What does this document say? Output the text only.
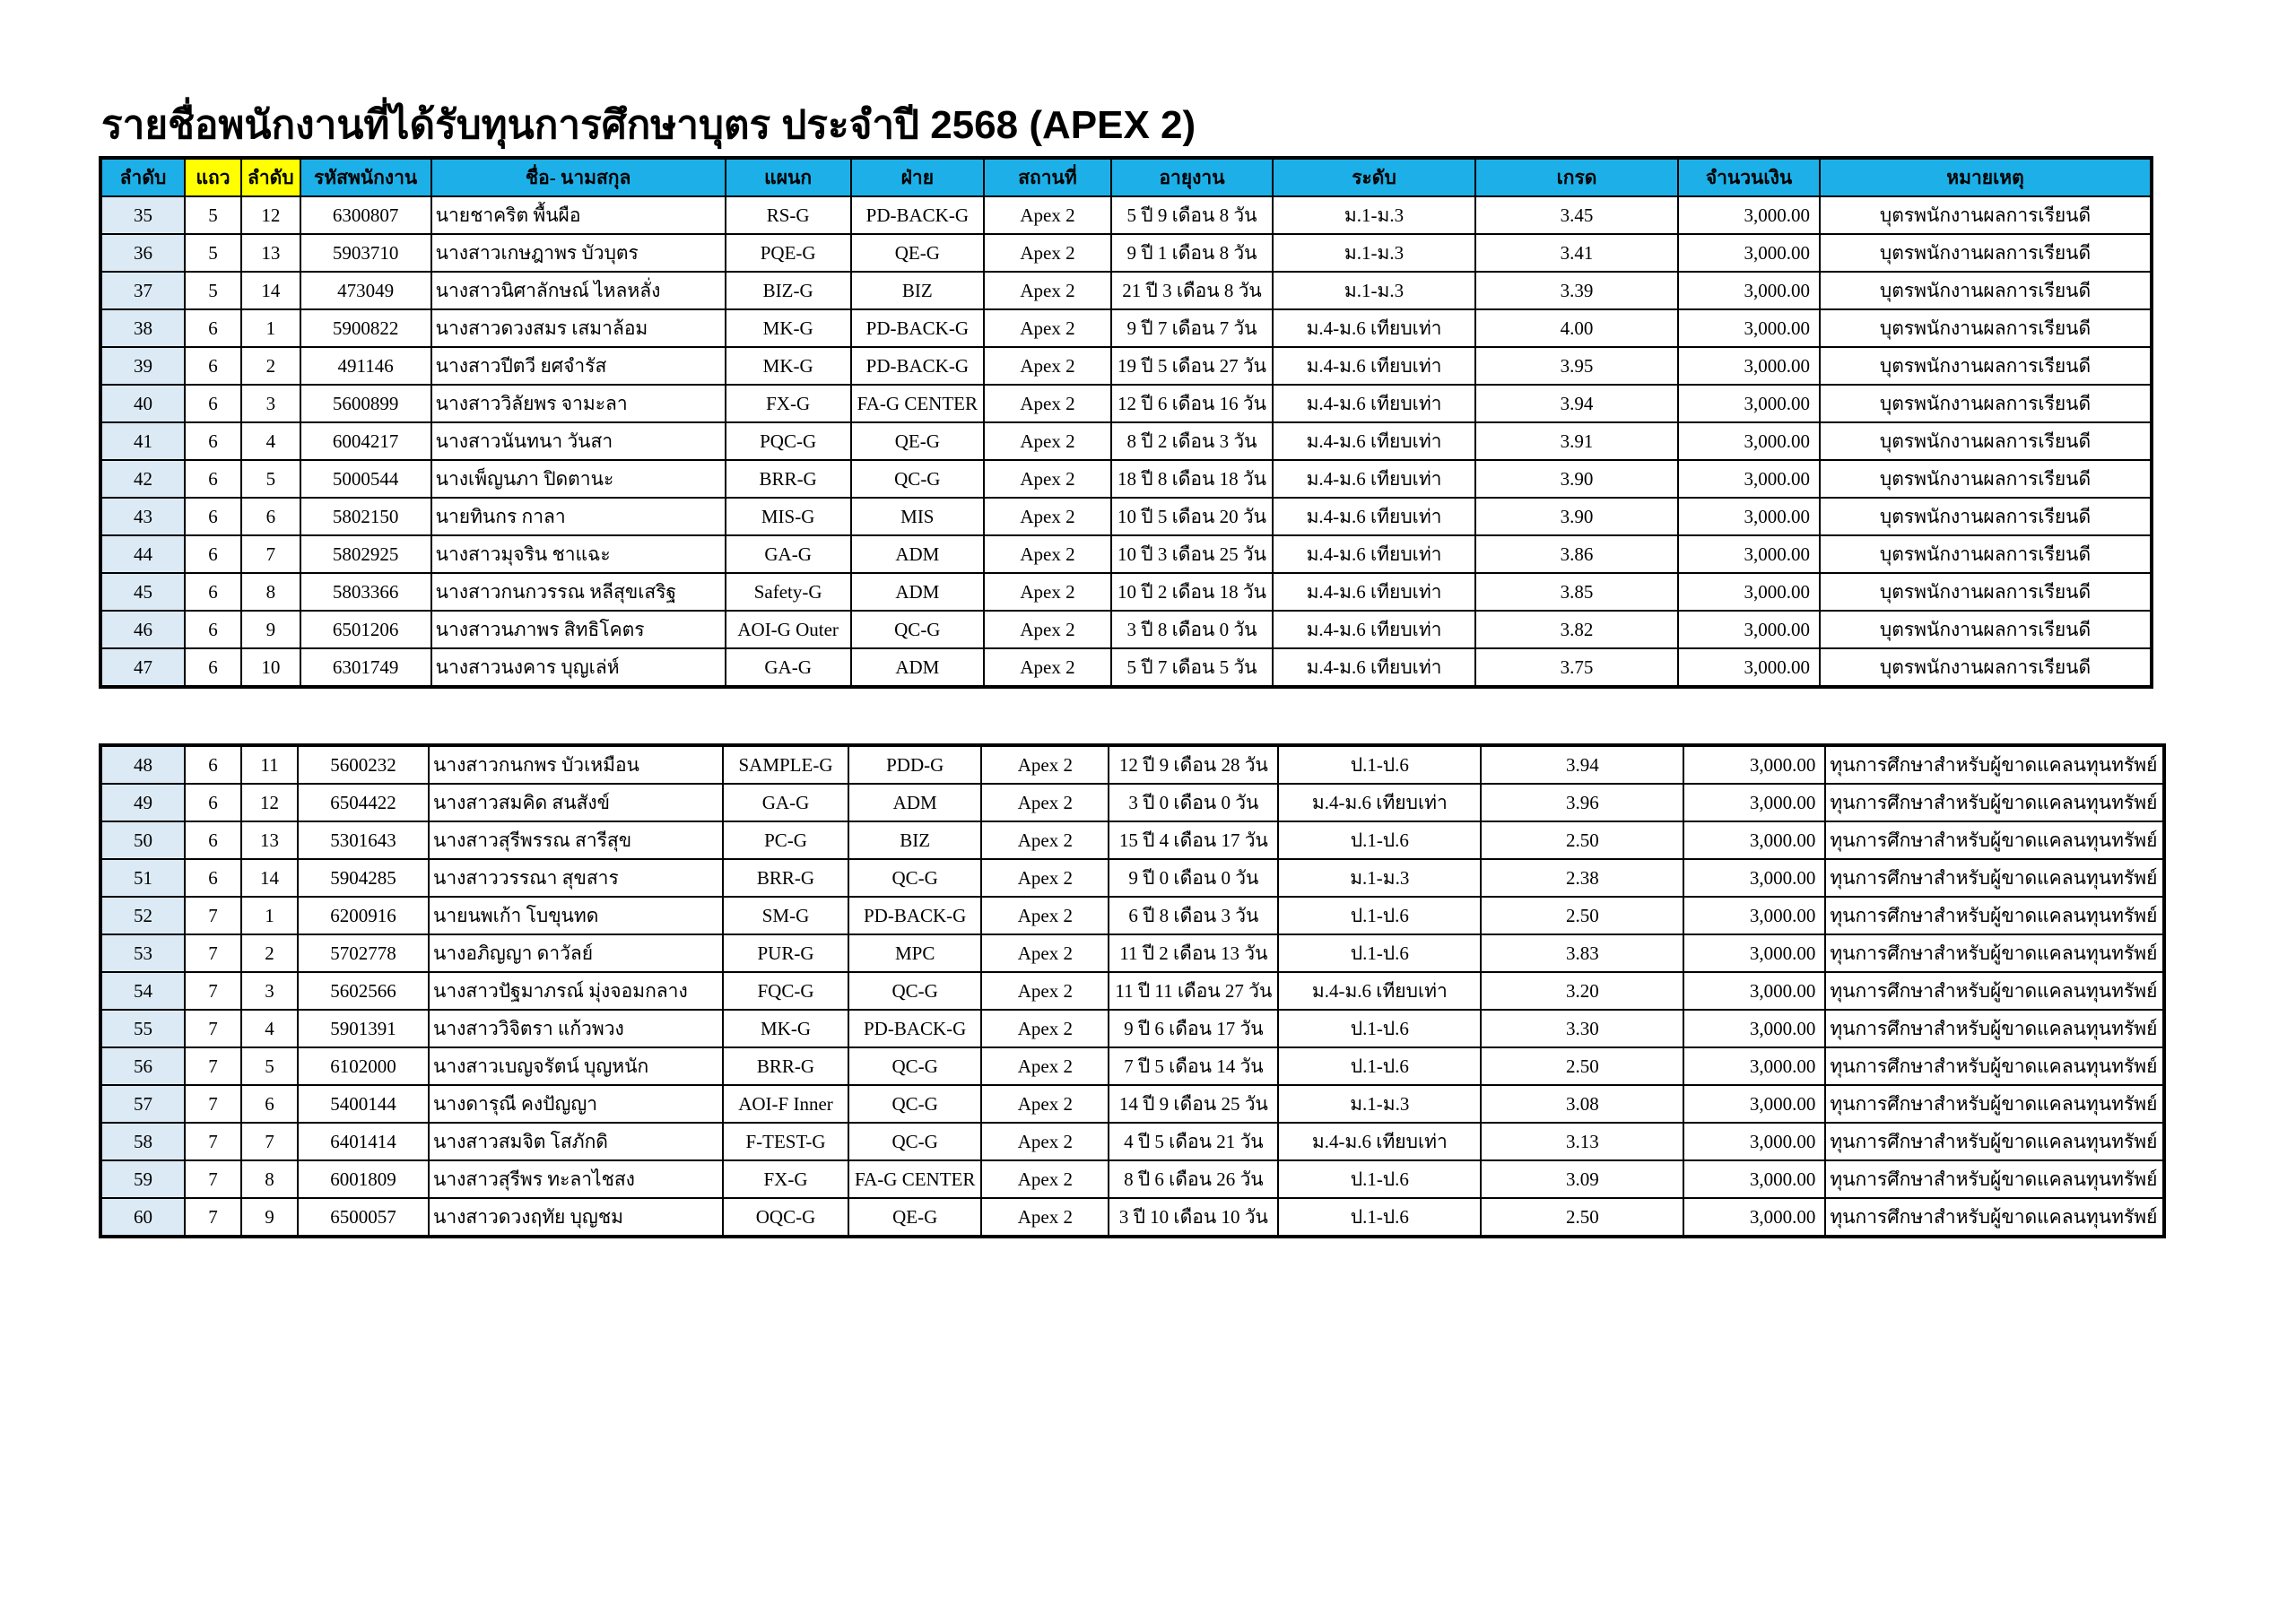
รายชื่อพนักงานที่ได้รับทุนการศึกษาบุตร ประจำปี 2568 (APEX 2)
ลำดับ	แถว	ลำดับ	รหัสพนักงาน	ชื่อ- นามสกุล	แผนก	ฝ่าย	สถานที่	อายุงาน	ระดับ	เกรด	จำนวนเงิน	หมายเหตุ
35	5	12	6300807	นายชาคริต พื้นผือ	RS-G	PD-BACK-G	Apex 2	5 ปี 9 เดือน 8 วัน	ม.1-ม.3	3.45	3,000.00	บุตรพนักงานผลการเรียนดี
36	5	13	5903710	นางสาวเกษฎาพร บัวบุตร	PQE-G	QE-G	Apex 2	9 ปี 1 เดือน 8 วัน	ม.1-ม.3	3.41	3,000.00	บุตรพนักงานผลการเรียนดี
37	5	14	473049	นางสาวนิศาลักษณ์ ไหลหลั่ง	BIZ-G	BIZ	Apex 2	21 ปี 3 เดือน 8 วัน	ม.1-ม.3	3.39	3,000.00	บุตรพนักงานผลการเรียนดี
38	6	1	5900822	นางสาวดวงสมร เสมาล้อม	MK-G	PD-BACK-G	Apex 2	9 ปี 7 เดือน 7 วัน	ม.4-ม.6 เทียบเท่า	4.00	3,000.00	บุตรพนักงานผลการเรียนดี
39	6	2	491146	นางสาวปีตวี ยศจำรัส	MK-G	PD-BACK-G	Apex 2	19 ปี 5 เดือน 27 วัน	ม.4-ม.6 เทียบเท่า	3.95	3,000.00	บุตรพนักงานผลการเรียนดี
40	6	3	5600899	นางสาววิลัยพร จามะลา	FX-G	FA-G CENTER	Apex 2	12 ปี 6 เดือน 16 วัน	ม.4-ม.6 เทียบเท่า	3.94	3,000.00	บุตรพนักงานผลการเรียนดี
41	6	4	6004217	นางสาวนันทนา วันสา	PQC-G	QE-G	Apex 2	8 ปี 2 เดือน 3 วัน	ม.4-ม.6 เทียบเท่า	3.91	3,000.00	บุตรพนักงานผลการเรียนดี
42	6	5	5000544	นางเพ็ญนภา ปิดตานะ	BRR-G	QC-G	Apex 2	18 ปี 8 เดือน 18 วัน	ม.4-ม.6 เทียบเท่า	3.90	3,000.00	บุตรพนักงานผลการเรียนดี
43	6	6	5802150	นายทินกร กาลา	MIS-G	MIS	Apex 2	10 ปี 5 เดือน 20 วัน	ม.4-ม.6 เทียบเท่า	3.90	3,000.00	บุตรพนักงานผลการเรียนดี
44	6	7	5802925	นางสาวมุจริน ชาแฉะ	GA-G	ADM	Apex 2	10 ปี 3 เดือน 25 วัน	ม.4-ม.6 เทียบเท่า	3.86	3,000.00	บุตรพนักงานผลการเรียนดี
45	6	8	5803366	นางสาวกนกวรรณ หลีสุขเสริฐ	Safety-G	ADM	Apex 2	10 ปี 2 เดือน 18 วัน	ม.4-ม.6 เทียบเท่า	3.85	3,000.00	บุตรพนักงานผลการเรียนดี
46	6	9	6501206	นางสาวนภาพร สิทธิโคตร	AOI-G Outer	QC-G	Apex 2	3 ปี 8 เดือน 0 วัน	ม.4-ม.6 เทียบเท่า	3.82	3,000.00	บุตรพนักงานผลการเรียนดี
47	6	10	6301749	นางสาวนงคาร บุญเล่ห์	GA-G	ADM	Apex 2	5 ปี 7 เดือน 5 วัน	ม.4-ม.6 เทียบเท่า	3.75	3,000.00	บุตรพนักงานผลการเรียนดี
48	6	11	5600232	นางสาวกนกพร บัวเหมือน	SAMPLE-G	PDD-G	Apex 2	12 ปี 9 เดือน 28 วัน	ป.1-ป.6	3.94	3,000.00	ทุนการศึกษาสำหรับผู้ขาดแคลนทุนทรัพย์
49	6	12	6504422	นางสาวสมคิด สนสังข์	GA-G	ADM	Apex 2	3 ปี 0 เดือน 0 วัน	ม.4-ม.6 เทียบเท่า	3.96	3,000.00	ทุนการศึกษาสำหรับผู้ขาดแคลนทุนทรัพย์
50	6	13	5301643	นางสาวสุรีพรรณ สารีสุข	PC-G	BIZ	Apex 2	15 ปี 4 เดือน 17 วัน	ป.1-ป.6	2.50	3,000.00	ทุนการศึกษาสำหรับผู้ขาดแคลนทุนทรัพย์
51	6	14	5904285	นางสาววรรณา สุขสาร	BRR-G	QC-G	Apex 2	9 ปี 0 เดือน 0 วัน	ม.1-ม.3	2.38	3,000.00	ทุนการศึกษาสำหรับผู้ขาดแคลนทุนทรัพย์
52	7	1	6200916	นายนพเก้า โบขุนทด	SM-G	PD-BACK-G	Apex 2	6 ปี 8 เดือน 3 วัน	ป.1-ป.6	2.50	3,000.00	ทุนการศึกษาสำหรับผู้ขาดแคลนทุนทรัพย์
53	7	2	5702778	นางอภิญญา ดาวัลย์	PUR-G	MPC	Apex 2	11 ปี 2 เดือน 13 วัน	ป.1-ป.6	3.83	3,000.00	ทุนการศึกษาสำหรับผู้ขาดแคลนทุนทรัพย์
54	7	3	5602566	นางสาวปัฐมาภรณ์ มุ่งจอมกลาง	FQC-G	QC-G	Apex 2	11 ปี 11 เดือน 27 วัน	ม.4-ม.6 เทียบเท่า	3.20	3,000.00	ทุนการศึกษาสำหรับผู้ขาดแคลนทุนทรัพย์
55	7	4	5901391	นางสาววิจิตรา แก้วพวง	MK-G	PD-BACK-G	Apex 2	9 ปี 6 เดือน 17 วัน	ป.1-ป.6	3.30	3,000.00	ทุนการศึกษาสำหรับผู้ขาดแคลนทุนทรัพย์
56	7	5	6102000	นางสาวเบญจรัตน์ บุญหนัก	BRR-G	QC-G	Apex 2	7 ปี 5 เดือน 14 วัน	ป.1-ป.6	2.50	3,000.00	ทุนการศึกษาสำหรับผู้ขาดแคลนทุนทรัพย์
57	7	6	5400144	นางดารุณี คงปัญญา	AOI-F Inner	QC-G	Apex 2	14 ปี 9 เดือน 25 วัน	ม.1-ม.3	3.08	3,000.00	ทุนการศึกษาสำหรับผู้ขาดแคลนทุนทรัพย์
58	7	7	6401414	นางสาวสมจิต โสภักดิ	F-TEST-G	QC-G	Apex 2	4 ปี 5 เดือน 21 วัน	ม.4-ม.6 เทียบเท่า	3.13	3,000.00	ทุนการศึกษาสำหรับผู้ขาดแคลนทุนทรัพย์
59	7	8	6001809	นางสาวสุรีพร ทะลาไชสง	FX-G	FA-G CENTER	Apex 2	8 ปี 6 เดือน 26 วัน	ป.1-ป.6	3.09	3,000.00	ทุนการศึกษาสำหรับผู้ขาดแคลนทุนทรัพย์
60	7	9	6500057	นางสาวดวงฤทัย บุญชม	OQC-G	QE-G	Apex 2	3 ปี 10 เดือน 10 วัน	ป.1-ป.6	2.50	3,000.00	ทุนการศึกษาสำหรับผู้ขาดแคลนทุนทรัพย์
